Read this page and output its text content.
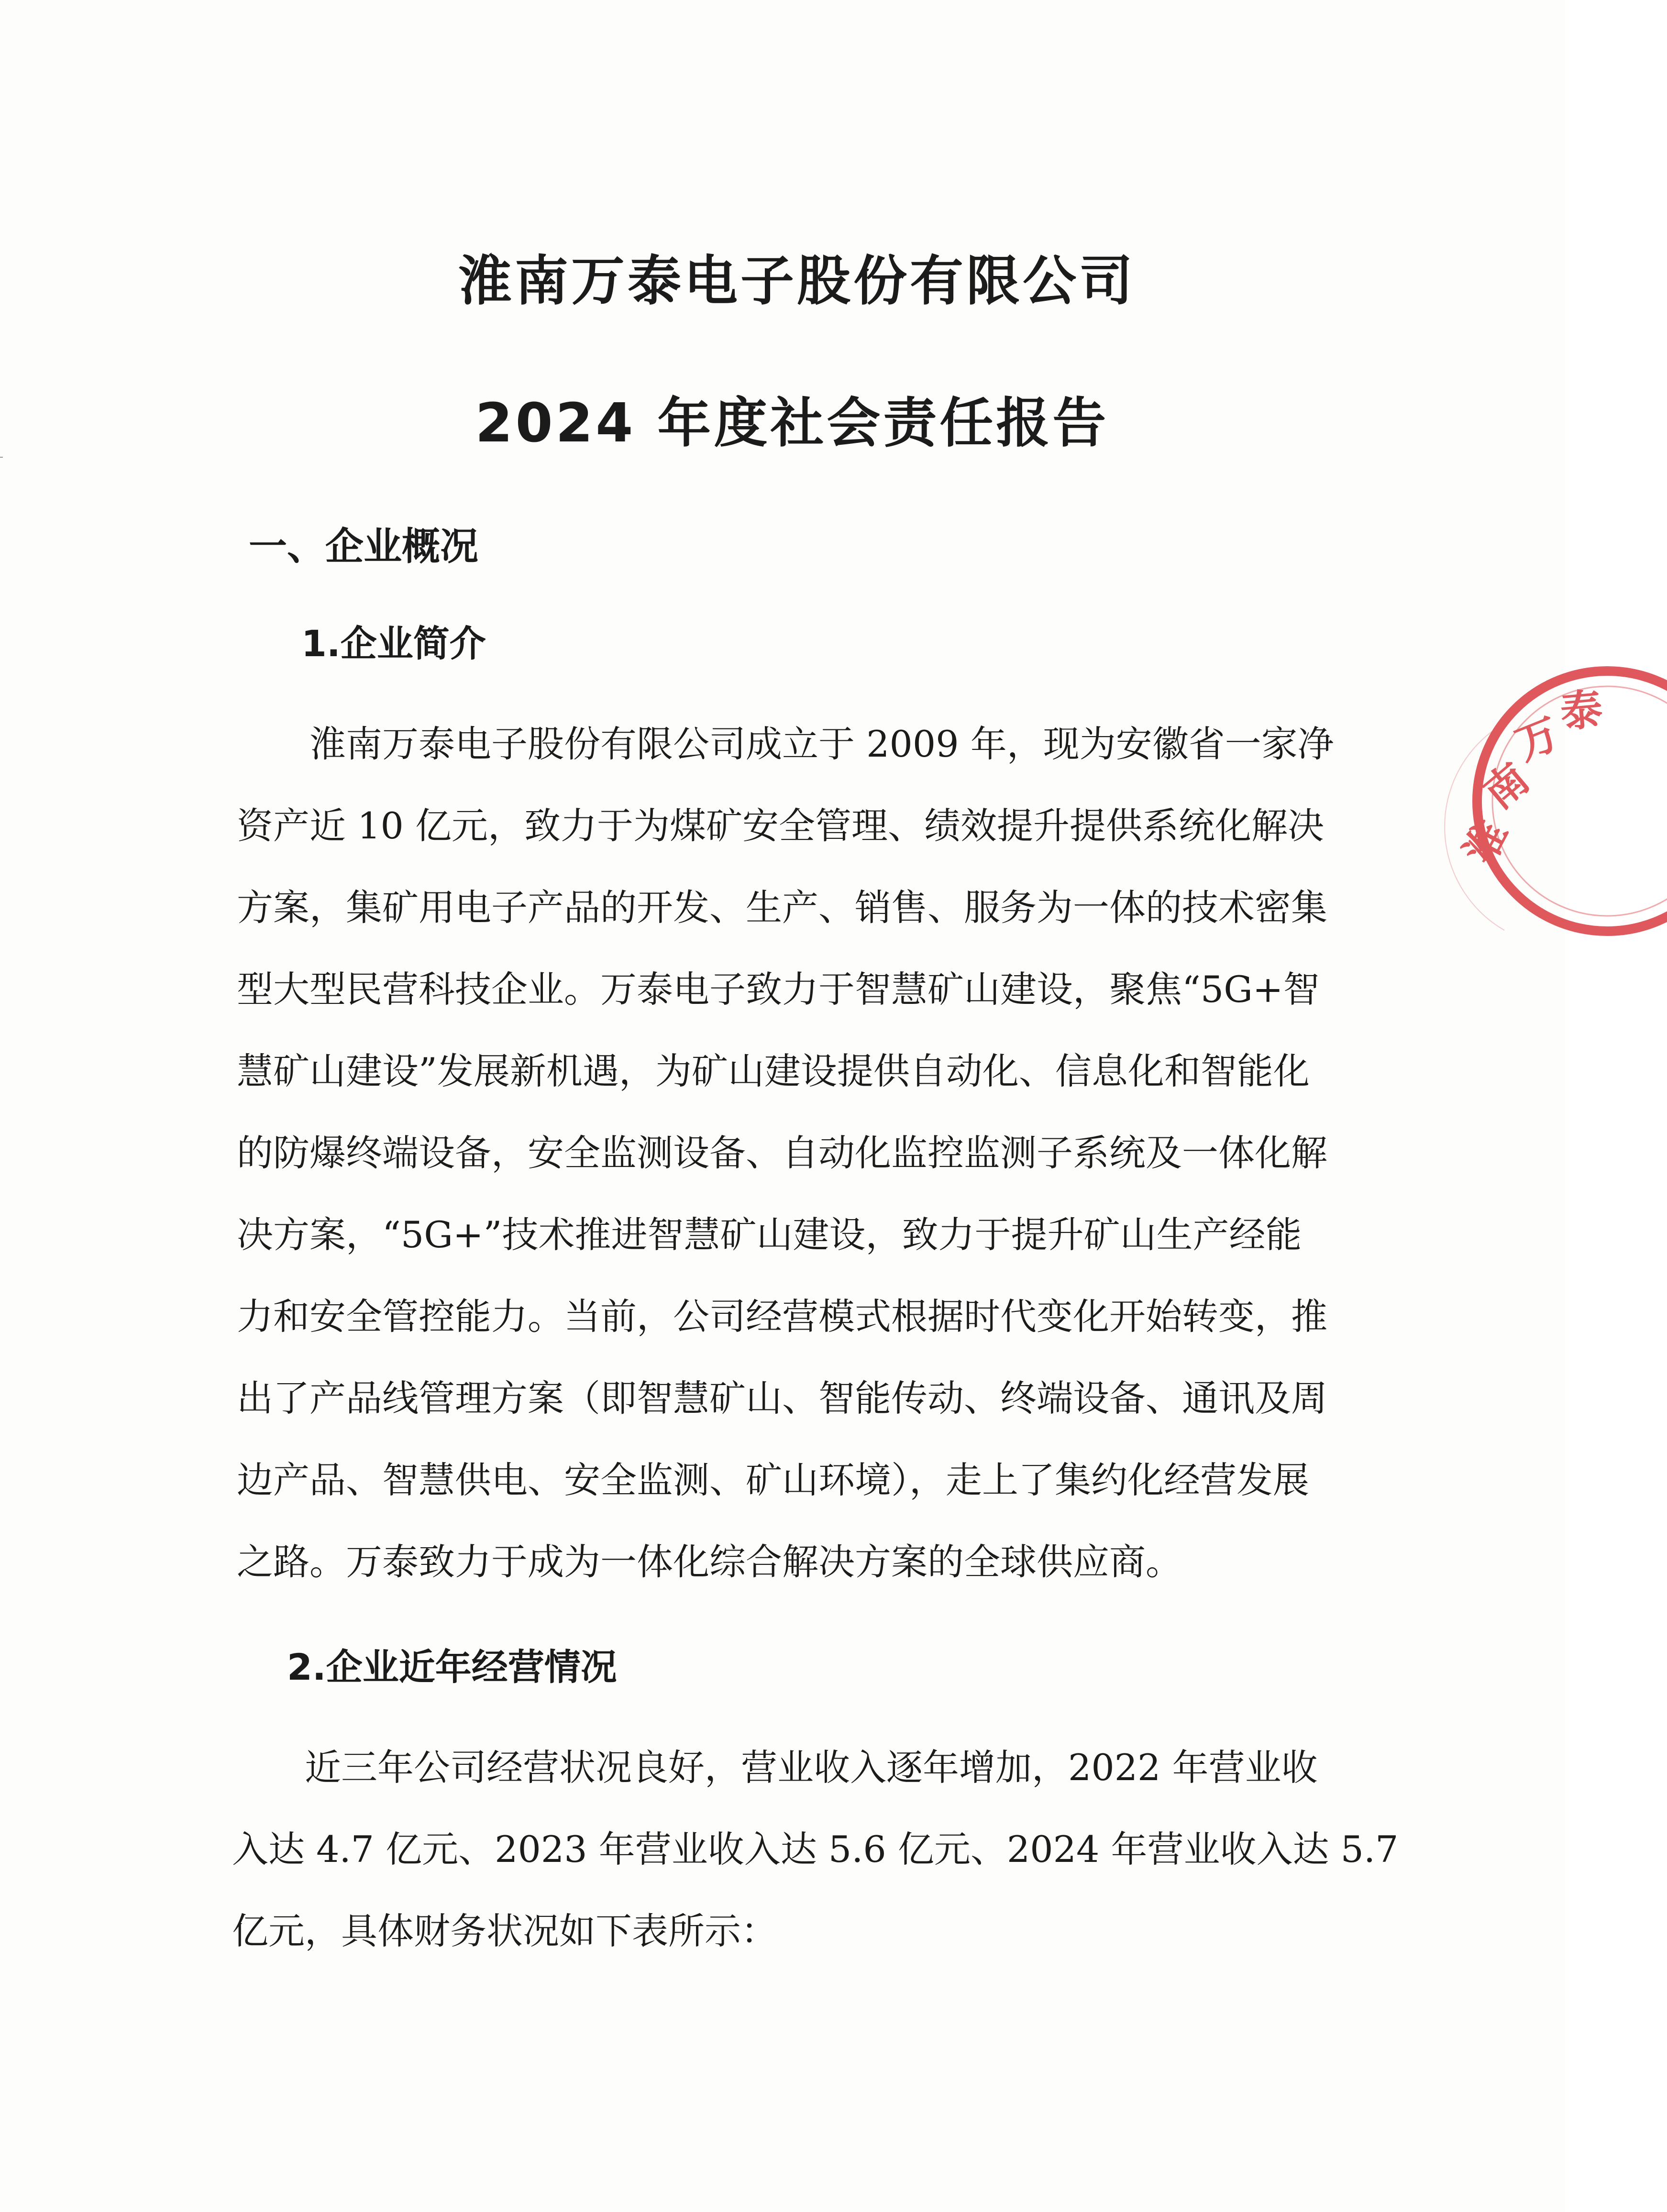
淮南万泰电子股份有限公司
2024 年度社会责任报告
一、企业概况
1.企业简介
淮南万泰电子股份有限公司成立于 2009 年，现为安徽省一家净
资产近 10 亿元，致力于为煤矿安全管理、绩效提升提供系统化解决
方案，集矿用电子产品的开发、生产、销售、服务为一体的技术密集
型大型民营科技企业。万泰电子致力于智慧矿山建设，聚焦“5G+智
慧矿山建设”发展新机遇，为矿山建设提供自动化、信息化和智能化
的防爆终端设备，安全监测设备、自动化监控监测子系统及一体化解
决方案，“5G+”技术推进智慧矿山建设，致力于提升矿山生产经能
力和安全管控能力。当前，公司经营模式根据时代变化开始转变，推
出了产品线管理方案（即智慧矿山、智能传动、终端设备、通讯及周
边产品、智慧供电、安全监测、矿山环境），走上了集约化经营发展
之路。万泰致力于成为一体化综合解决方案的全球供应商。
2.企业近年经营情况
近三年公司经营状况良好，营业收入逐年增加，2022 年营业收
入达 4.7 亿元、2023 年营业收入达 5.6 亿元、2024 年营业收入达 5.7
亿元，具体财务状况如下表所示：
淮
南
万
泰
